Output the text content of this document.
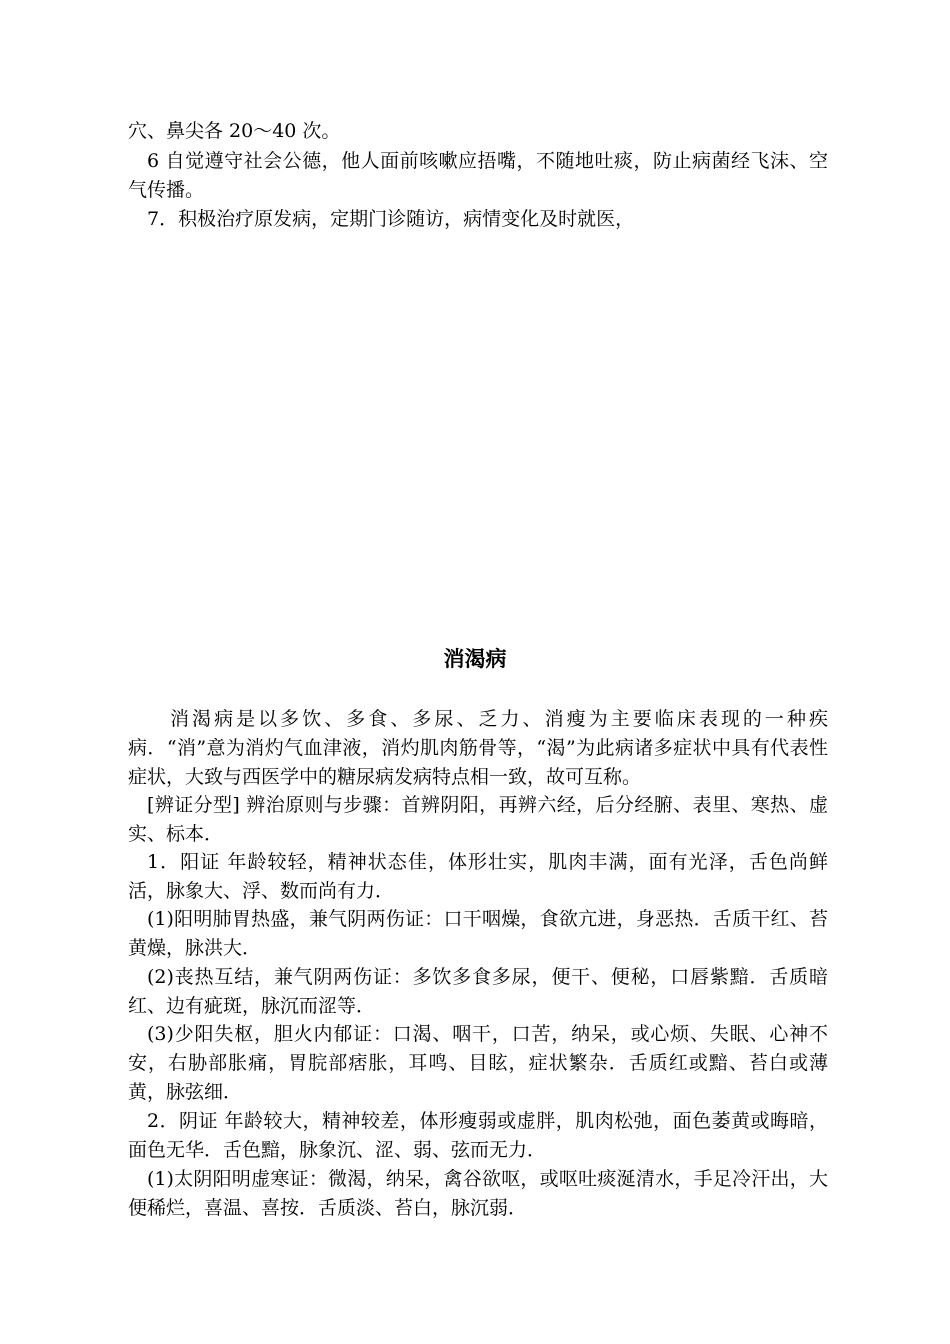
穴、鼻尖各 20～40 次。

6 自觉遵守社会公德，他人面前咳嗽应捂嘴，不随地吐痰，防止病菌经飞沫、空气传播。

7．积极治疗原发病，定期门诊随访，病情变化及时就医，

消渴病

消渴病是以多饮、多食、多尿、乏力、消瘦为主要临床表现的一种疾病．“消”意为消灼气血津液，消灼肌肉筋骨等，“渴”为此病诸多症状中具有代表性症状，大致与西医学中的糖尿病发病特点相一致，故可互称。

[辨证分型] 辨治原则与步骤：首辨阴阳，再辨六经，后分经腑、表里、寒热、虚实、标本．

1．阳证 年龄较轻，精神状态佳，体形壮实，肌肉丰满，面有光泽，舌色尚鲜活，脉象大、浮、数而尚有力．

(1)阳明肺胃热盛，兼气阴两伤证：口干咽燥，食欲亢进，身恶热．舌质干红、苔黄燥，脉洪大．

(2)丧热互结，兼气阴两伤证：多饮多食多尿，便干、便秘，口唇紫黯．舌质暗红、边有疵斑，脉沉而涩等．

(3)少阳失枢，胆火内郁证：口渴、咽干，口苦，纳呆，或心烦、失眠、心神不安，右胁部胀痛，胃脘部痞胀，耳鸣、目眩，症状繁杂．舌质红或黯、苔白或薄黄，脉弦细．

2．阴证 年龄较大，精神较差，体形瘦弱或虚胖，肌肉松弛，面色萎黄或晦暗，面色无华．舌色黯，脉象沉、涩、弱、弦而无力．

(1)太阴阳明虚寒证：微渴，纳呆，禽谷欲呕，或呕吐痰涎清水，手足冷汗出，大便稀烂，喜温、喜按．舌质淡、苔白，脉沉弱．
